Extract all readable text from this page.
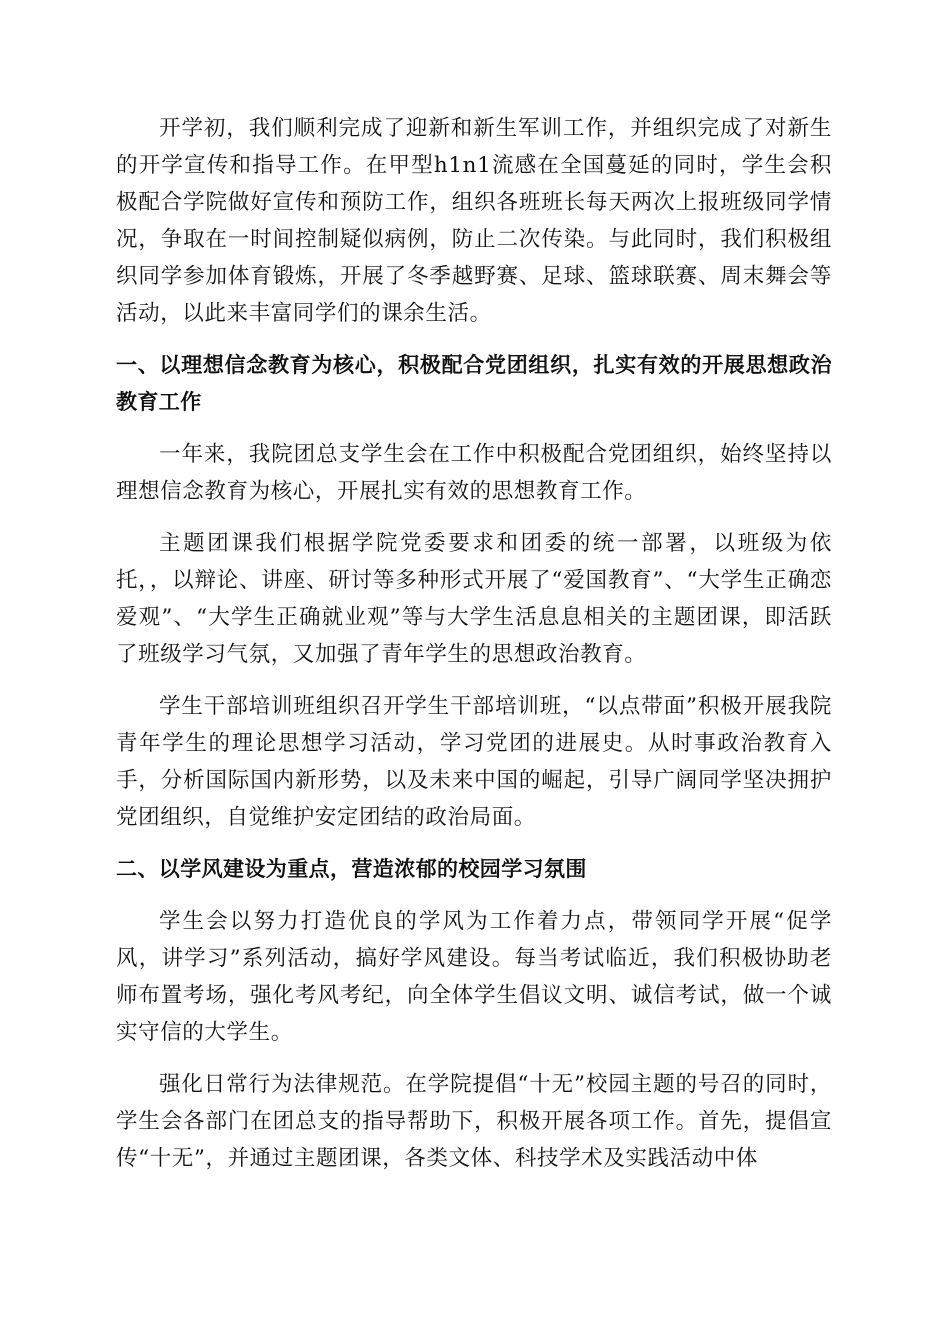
开学初，我们顺利完成了迎新和新生军训工作，并组织完成了对新生的开学宣传和指导工作。在甲型h1n1流感在全国蔓延的同时，学生会积极配合学院做好宣传和预防工作，组织各班班长每天两次上报班级同学情况，争取在一时间控制疑似病例，防止二次传染。与此同时，我们积极组织同学参加体育锻炼，开展了冬季越野赛、足球、篮球联赛、周末舞会等活动，以此来丰富同学们的课余生活。

一、以理想信念教育为核心，积极配合党团组织，扎实有效的开展思想政治教育工作

一年来，我院团总支学生会在工作中积极配合党团组织，始终坚持以理想信念教育为核心，开展扎实有效的思想教育工作。

主题团课我们根据学院党委要求和团委的统一部署，以班级为依托，，以辩论、讲座、研讨等多种形式开展了“爱国教育”、“大学生正确恋爱观”、“大学生正确就业观”等与大学生活息息相关的主题团课，即活跃了班级学习气氛，又加强了青年学生的思想政治教育。

学生干部培训班组织召开学生干部培训班，“以点带面”积极开展我院青年学生的理论思想学习活动，学习党团的进展史。从时事政治教育入手，分析国际国内新形势，以及未来中国的崛起，引导广阔同学坚决拥护党团组织，自觉维护安定团结的政治局面。

二、以学风建设为重点，营造浓郁的校园学习氛围

学生会以努力打造优良的学风为工作着力点，带领同学开展“促学风，讲学习”系列活动，搞好学风建设。每当考试临近，我们积极协助老师布置考场，强化考风考纪，向全体学生倡议文明、诚信考试，做一个诚实守信的大学生。

强化日常行为法律规范。在学院提倡“十无”校园主题的号召的同时，学生会各部门在团总支的指导帮助下，积极开展各项工作。首先，提倡宣传“十无”，并通过主题团课，各类文体、科技学术及实践活动中体
